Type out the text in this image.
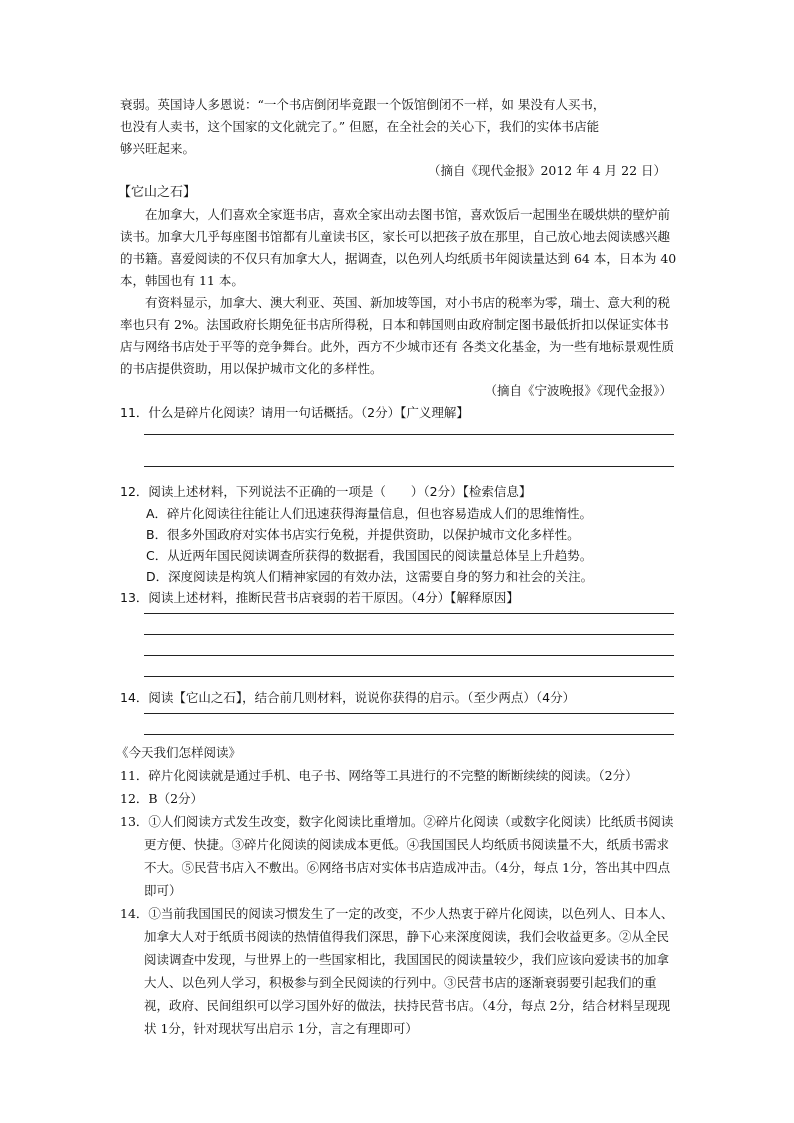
衰弱。英国诗人多恩说：“一个书店倒闭毕竟跟一个饭馆倒闭不一样，如 果没有人买书，

也没有人卖书，这个国家的文化就完了。” 但愿，在全社会的关心下，我们的实体书店能

够兴旺起来。

（摘自《现代金报》2012 年 4 月 22 日）

【它山之石】

在加拿大，人们喜欢全家逛书店，喜欢全家出动去图书馆，喜欢饭后一起围坐在暖烘烘的壁炉前读书。加拿大几乎每座图书馆都有儿童读书区，家长可以把孩子放在那里，自己放心地去阅读感兴趣的书籍。喜爱阅读的不仅只有加拿大人，据调查，以色列人均纸质书年阅读量达到 64 本，日本为 40 本，韩国也有 11 本。

有资料显示，加拿大、澳大利亚、英国、新加坡等国，对小书店的税率为零，瑞士、意大利的税率也只有 2%。法国政府长期免征书店所得税，日本和韩国则由政府制定图书最低折扣以保证实体书店与网络书店处于平等的竞争舞台。此外，西方不少城市还有 各类文化基金，为一些有地标景观性质的书店提供资助，用以保护城市文化的多样性。

（摘自《宁波晚报》《现代金报》）

11．什么是碎片化阅读？请用一句话概括。（2分）【广义理解】

12．阅读上述材料，下列说法不正确的一项是（　　）（2分）【检索信息】

A．碎片化阅读往往能让人们迅速获得海量信息，但也容易造成人们的思维惰性。

B．很多外国政府对实体书店实行免税，并提供资助，以保护城市文化多样性。

C．从近两年国民阅读调查所获得的数据看，我国国民的阅读量总体呈上升趋势。

D．深度阅读是构筑人们精神家园的有效办法，这需要自身的努力和社会的关注。

13．阅读上述材料，推断民营书店衰弱的若干原因。（4分）【解释原因】

14．阅读【它山之石】，结合前几则材料，说说你获得的启示。（至少两点）（4分）

《今天我们怎样阅读》

11．碎片化阅读就是通过手机、电子书、网络等工具进行的不完整的断断续续的阅读。（2分）

12．B（2分）

13．①人们阅读方式发生改变，数字化阅读比重增加。②碎片化阅读（或数字化阅读）比纸质书阅读更方便、快捷。③碎片化阅读的阅读成本更低。④我国国民人均纸质书阅读量不大，纸质书需求不大。⑤民营书店入不敷出。⑥网络书店对实体书店造成冲击。（4分，每点 1分，答出其中四点即可）

14．①当前我国国民的阅读习惯发生了一定的改变，不少人热衷于碎片化阅读，以色列人、日本人、加拿大人对于纸质书阅读的热情值得我们深思，静下心来深度阅读，我们会收益更多。②从全民阅读调查中发现，与世界上的一些国家相比，我国国民的阅读量较少，我们应该向爱读书的加拿大人、以色列人学习，积极参与到全民阅读的行列中。③民营书店的逐渐衰弱要引起我们的重视，政府、民间组织可以学习国外好的做法，扶持民营书店。（4分，每点 2分，结合材料呈现现状 1分，针对现状写出启示 1分，言之有理即可）
